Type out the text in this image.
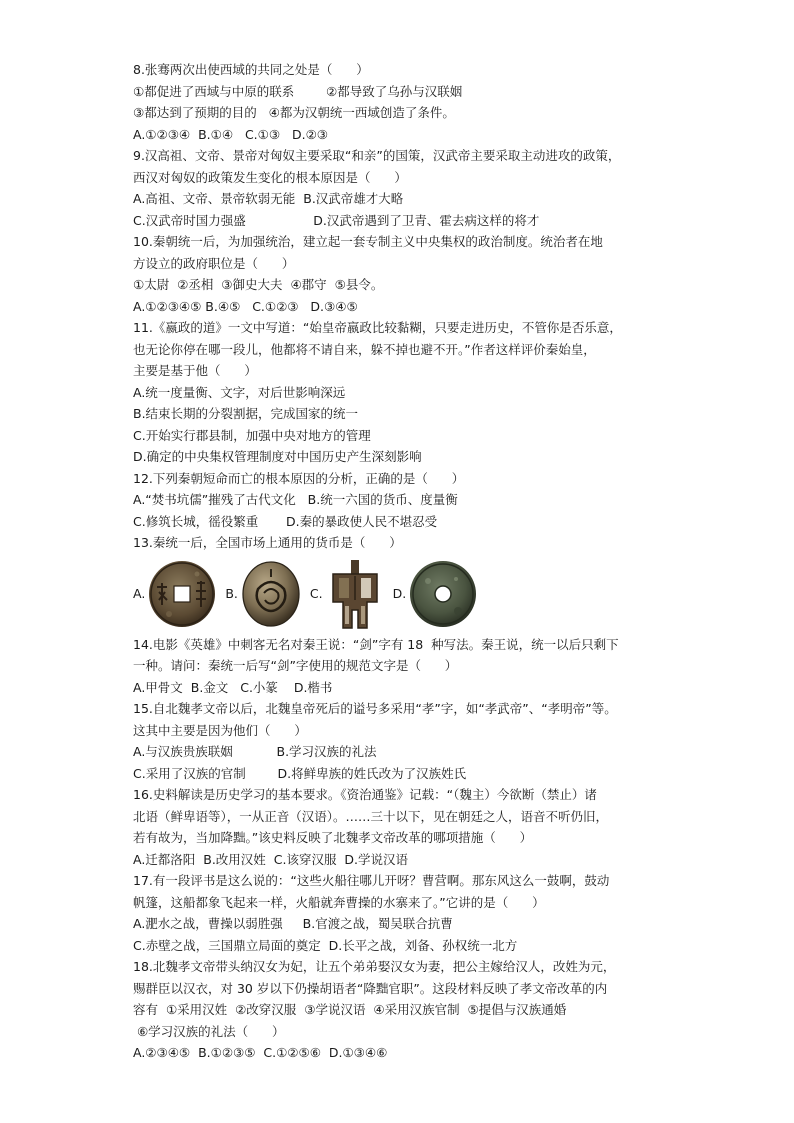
8.张骞两次出使西域的共同之处是（      ）
①都促进了西域与中原的联系        ②都导致了乌孙与汉联姻
③都达到了预期的目的   ④都为汉朝统一西域创造了条件。
A.①②③④  B.①④   C.①③   D.②③
9.汉高祖、文帝、景帝对匈奴主要采取“和亲”的国策，汉武帝主要采取主动进攻的政策，
西汉对匈奴的政策发生变化的根本原因是（      ）
A.高祖、文帝、景帝软弱无能  B.汉武帝雄才大略
C.汉武帝时国力强盛                 D.汉武帝遇到了卫青、霍去病这样的将才
10.秦朝统一后，为加强统治，建立起一套专制主义中央集权的政治制度。统治者在地
方设立的政府职位是（      ）
①太尉  ②丞相  ③御史大夫  ④郡守  ⑤县令。
A.①②③④⑤ B.④⑤   C.①②③   D.③④⑤
11.《嬴政的道》一文中写道：“始皇帝嬴政比较黏糊，只要走进历史，不管你是否乐意，
也无论你停在哪一段儿，他都将不请自来，躲不掉也避不开。”作者这样评价秦始皇，
主要是基于他（      ）
A.统一度量衡、文字，对后世影响深远
B.结束长期的分裂割据，完成国家的统一
C.开始实行郡县制，加强中央对地方的管理
D.确定的中央集权管理制度对中国历史产生深刻影响
12.下列秦朝短命而亡的根本原因的分析，正确的是（      ）
A.“焚书坑儒”摧残了古代文化   B.统一六国的货币、度量衡
C.修筑长城，徭役繁重       D.秦的暴政使人民不堪忍受
13.秦统一后，全国市场上通用的货币是（      ）
A.	B.	C.	D.
14.电影《英雄》中刺客无名对秦王说：“剑”字有 18  种写法。秦王说，统一以后只剩下
一种。请问：秦统一后写“剑”字使用的规范文字是（      ）
A.甲骨文  B.金文   C.小篆    D.楷书
15.自北魏孝文帝以后，北魏皇帝死后的谥号多采用“孝”字，如“孝武帝”、“孝明帝”等。
这其中主要是因为他们（      ）
A.与汉族贵族联姻           B.学习汉族的礼法
C.采用了汉族的官制        D.将鲜卑族的姓氏改为了汉族姓氏
16.史料解读是历史学习的基本要求。《资治通鉴》记载：“（魏主）今欲断（禁止）诸
北语（鲜卑语等），一从正音（汉语）。……三十以下，见在朝廷之人，语音不听仍旧，
若有故为，当加降黜。”该史料反映了北魏孝文帝改革的哪项措施（      ）
A.迁都洛阳  B.改用汉姓  C.该穿汉服  D.学说汉语
17.有一段评书是这么说的：“这些火船往哪儿开呀？曹营啊。那东风这么一鼓啊，鼓动
帆篷，这船都象飞起来一样，火船就奔曹操的水寨来了。”它讲的是（      ）
A.淝水之战，曹操以弱胜强     B.官渡之战，蜀吴联合抗曹
C.赤壁之战，三国鼎立局面的奠定  D.长平之战，刘备、孙权统一北方
18.北魏孝文帝带头纳汉女为妃，让五个弟弟娶汉女为妻，把公主嫁给汉人，改姓为元，
赐群臣以汉衣，对 30 岁以下仍操胡语者“降黜官职”。这段材料反映了孝文帝改革的内
容有  ①采用汉姓  ②改穿汉服  ③学说汉语  ④采用汉族官制  ⑤提倡与汉族通婚
⑥学习汉族的礼法（      ）
A.②③④⑤  B.①②③⑤  C.①②⑤⑥  D.①③④⑥
